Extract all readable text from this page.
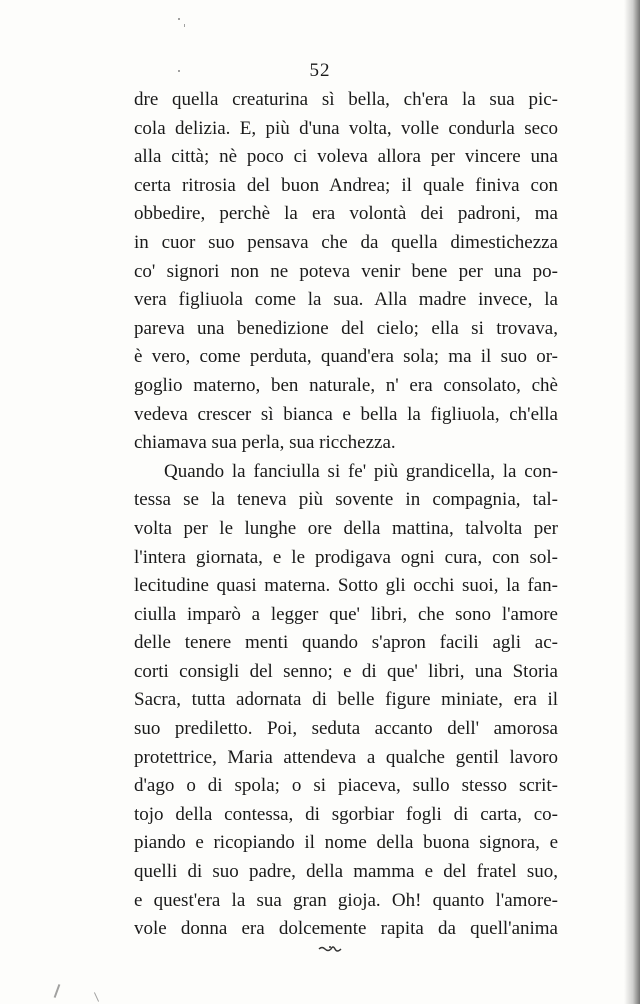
52
dre quella creaturina sì bella, ch'era la sua pic-
cola delizia. E, più d'una volta, volle condurla seco
alla città; nè poco ci voleva allora per vincere una
certa ritrosia del buon Andrea; il quale finiva con
obbedire, perchè la era volontà dei padroni, ma
in cuor suo pensava che da quella dimestichezza
co' signori non ne poteva venir bene per una po-
vera figliuola come la sua. Alla madre invece, la
pareva una benedizione del cielo; ella si trovava,
è vero, come perduta, quand'era sola; ma il suo or-
goglio materno, ben naturale, n' era consolato, chè
vedeva crescer sì bianca e bella la figliuola, ch'ella
chiamava sua perla, sua ricchezza.
Quando la fanciulla si fe' più grandicella, la con-
tessa se la teneva più sovente in compagnia, tal-
volta per le lunghe ore della mattina, talvolta per
l'intera giornata, e le prodigava ogni cura, con sol-
lecitudine quasi materna. Sotto gli occhi suoi, la fan-
ciulla imparò a legger que' libri, che sono l'amore
delle tenere menti quando s'apron facili agli ac-
corti consigli del senno; e di que' libri, una Storia
Sacra, tutta adornata di belle figure miniate, era il
suo prediletto. Poi, seduta accanto dell' amorosa
protettrice, Maria attendeva a qualche gentil lavoro
d'ago o di spola; o si piaceva, sullo stesso scrit-
tojo della contessa, di sgorbiar fogli di carta, co-
piando e ricopiando il nome della buona signora, e
quelli di suo padre, della mamma e del fratel suo,
e quest'era la sua gran gioja. Oh! quanto l'amore-
vole donna era dolcemente rapita da quell'anima
